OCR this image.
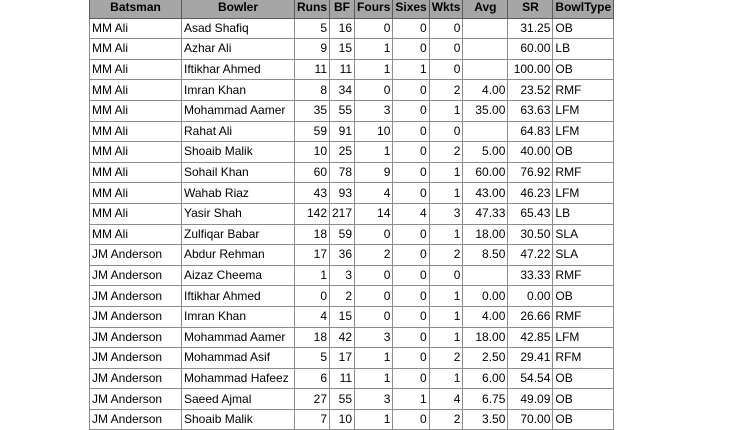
Batsman	Bowler	Runs	BF	Fours	Sixes	Wkts	Avg	SR	BowlType
MM Ali	Asad Shafiq	5	16	0	0	0		31.25	OB
MM Ali	Azhar Ali	9	15	1	0	0		60.00	LB
MM Ali	Iftikhar Ahmed	11	11	1	1	0		100.00	OB
MM Ali	Imran Khan	8	34	0	0	2	4.00	23.52	RMF
MM Ali	Mohammad Aamer	35	55	3	0	1	35.00	63.63	LFM
MM Ali	Rahat Ali	59	91	10	0	0		64.83	LFM
MM Ali	Shoaib Malik	10	25	1	0	2	5.00	40.00	OB
MM Ali	Sohail Khan	60	78	9	0	1	60.00	76.92	RMF
MM Ali	Wahab Riaz	43	93	4	0	1	43.00	46.23	LFM
MM Ali	Yasir Shah	142	217	14	4	3	47.33	65.43	LB
MM Ali	Zulfiqar Babar	18	59	0	0	1	18.00	30.50	SLA
JM Anderson	Abdur Rehman	17	36	2	0	2	8.50	47.22	SLA
JM Anderson	Aizaz Cheema	1	3	0	0	0		33.33	RMF
JM Anderson	Iftikhar Ahmed	0	2	0	0	1	0.00	0.00	OB
JM Anderson	Imran Khan	4	15	0	0	1	4.00	26.66	RMF
JM Anderson	Mohammad Aamer	18	42	3	0	1	18.00	42.85	LFM
JM Anderson	Mohammad Asif	5	17	1	0	2	2.50	29.41	RFM
JM Anderson	Mohammad Hafeez	6	11	1	0	1	6.00	54.54	OB
JM Anderson	Saeed Ajmal	27	55	3	1	4	6.75	49.09	OB
JM Anderson	Shoaib Malik	7	10	1	0	2	3.50	70.00	OB
